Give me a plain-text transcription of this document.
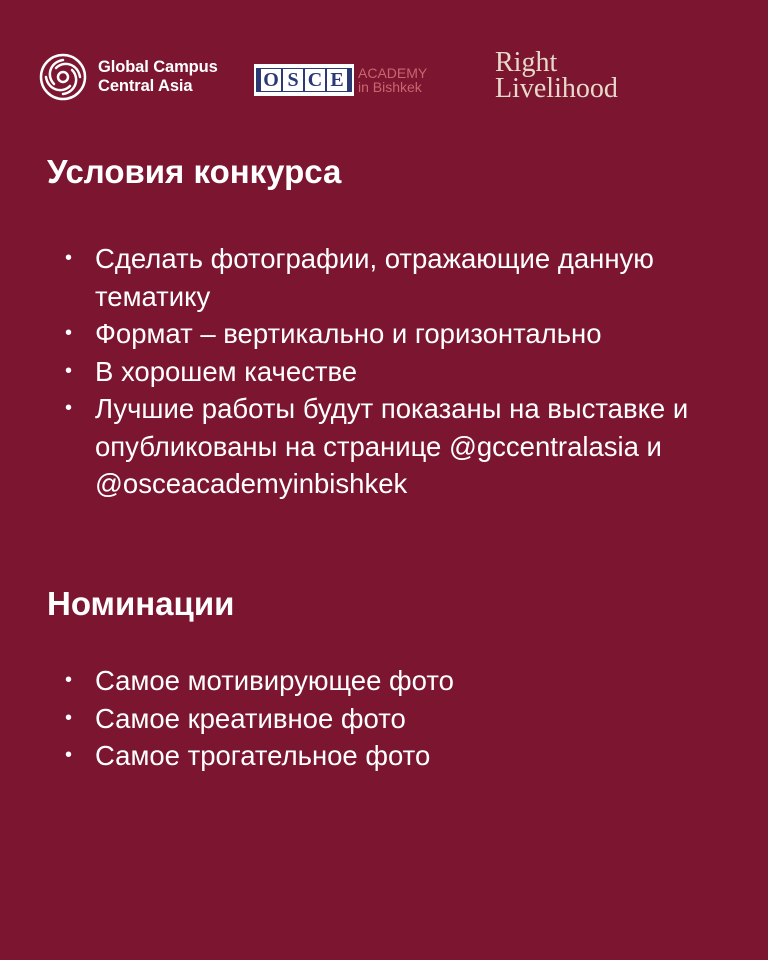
Global Campus
Central Asia	O S C E ACADEMY
in Bishkek
Right
Livelihood
Условия конкурса
• Сделать фотографии, отражающие данную тематику
• Формат – вертикально и горизонтально
• В хорошем качестве
• Лучшие работы будут показаны на выставке и опубликованы на странице @gccentralasia и @osceacademyinbishkek
Номинации
• Самое мотивирующее фото
• Самое креативное фото
• Самое трогательное фото
